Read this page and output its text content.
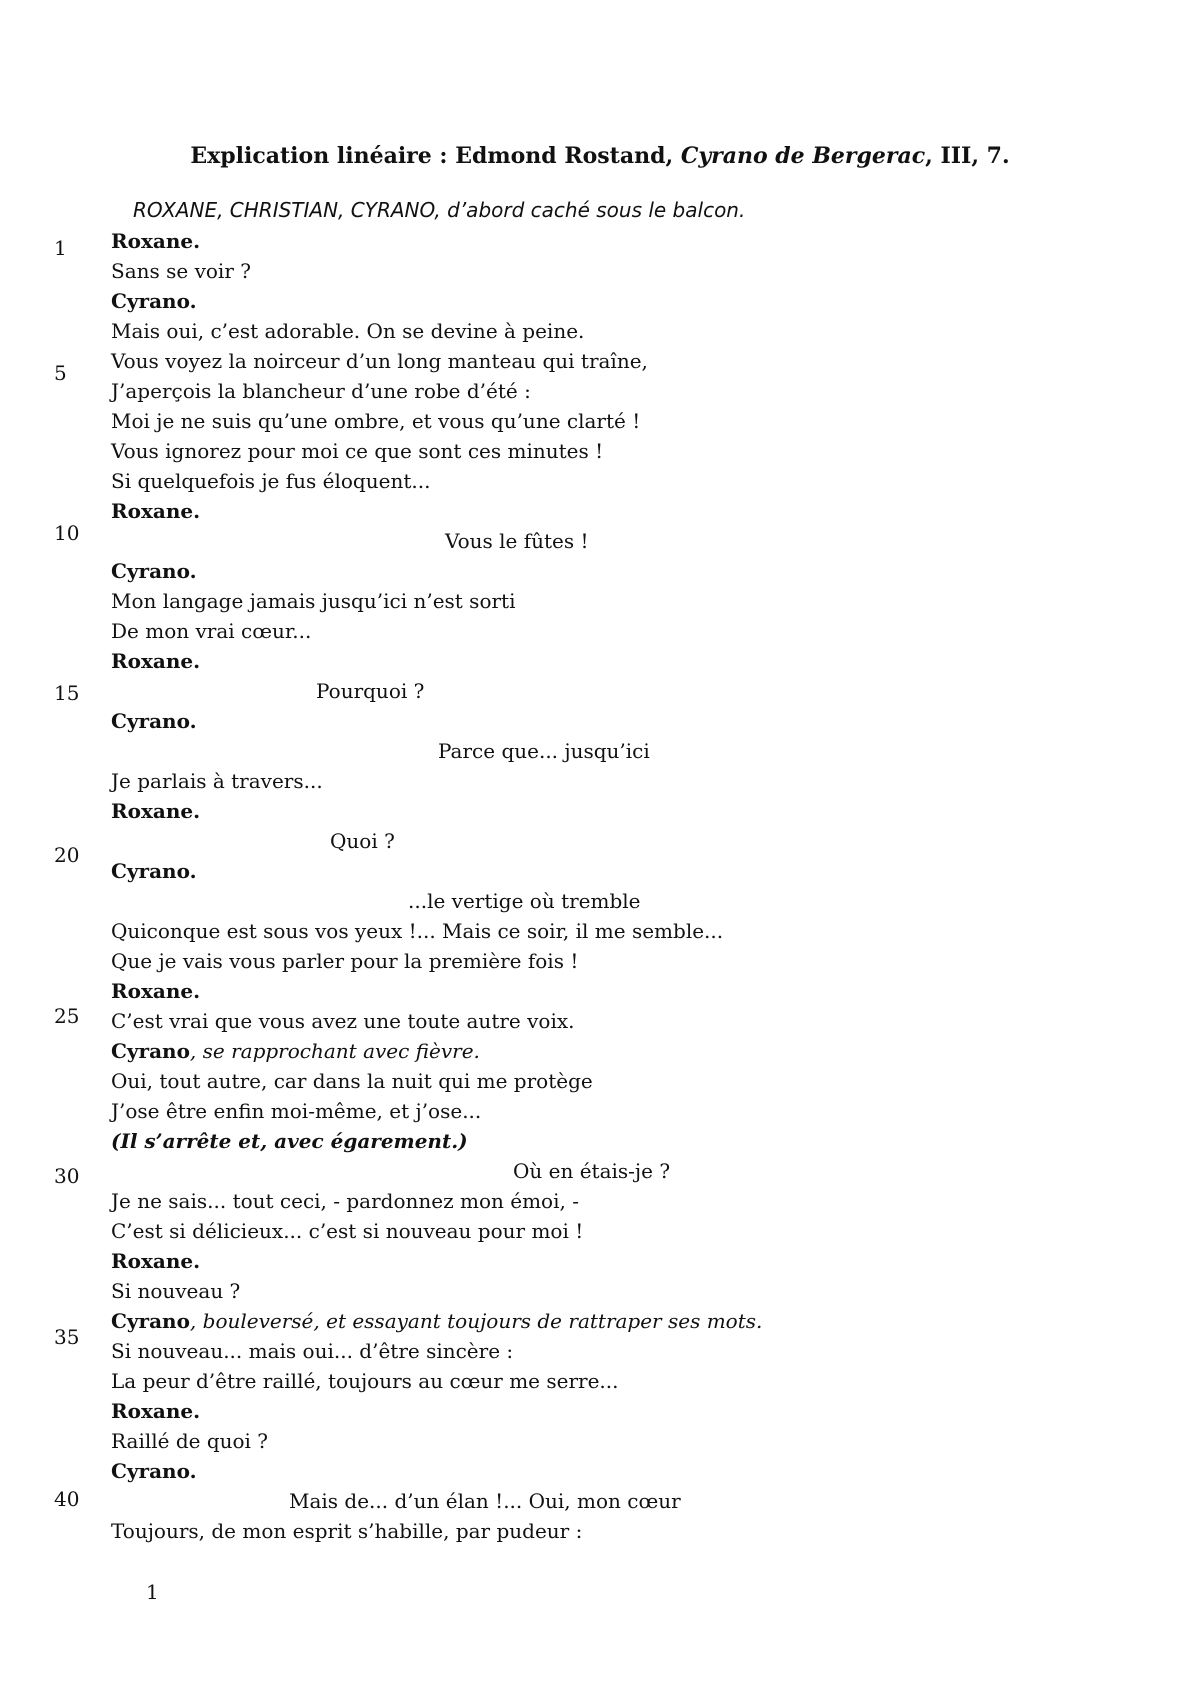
Explication linéaire : Edmond Rostand, Cyrano de Bergerac, III, 7.
ROXANE, CHRISTIAN, CYRANO, d’abord caché sous le balcon.
1
5
10
15
20
25
30
35
40
Roxane.
Sans se voir ?
Cyrano.
Mais oui, c’est adorable. On se devine à peine.
Vous voyez la noirceur d’un long manteau qui traîne,
J’aperçois la blancheur d’une robe d’été :
Moi je ne suis qu’une ombre, et vous qu’une clarté !
Vous ignorez pour moi ce que sont ces minutes !
Si quelquefois je fus éloquent...
Roxane.
Vous le fûtes !
Cyrano.
Mon langage jamais jusqu’ici n’est sorti
De mon vrai cœur...
Roxane.
Pourquoi ?
Cyrano.
Parce que... jusqu’ici
Je parlais à travers...
Roxane.
Quoi ?
Cyrano.
...le vertige où tremble
Quiconque est sous vos yeux !... Mais ce soir, il me semble...
Que je vais vous parler pour la première fois !
Roxane.
C’est vrai que vous avez une toute autre voix.
Cyrano , se rapprochant avec fièvre.
Oui, tout autre, car dans la nuit qui me protège
J’ose être enfin moi-même, et j’ose...
(Il s’arrête et, avec égarement.)
Où en étais-je ?
Je ne sais... tout ceci, - pardonnez mon émoi, -
C’est si délicieux... c’est si nouveau pour moi !
Roxane.
Si nouveau ?
Cyrano , bouleversé, et essayant toujours de rattraper ses mots.
Si nouveau... mais oui... d’être sincère :
La peur d’être raillé, toujours au cœur me serre...
Roxane.
Raillé de quoi ?
Cyrano.
Mais de... d’un élan !... Oui, mon cœur
Toujours, de mon esprit s’habille, par pudeur :
1
